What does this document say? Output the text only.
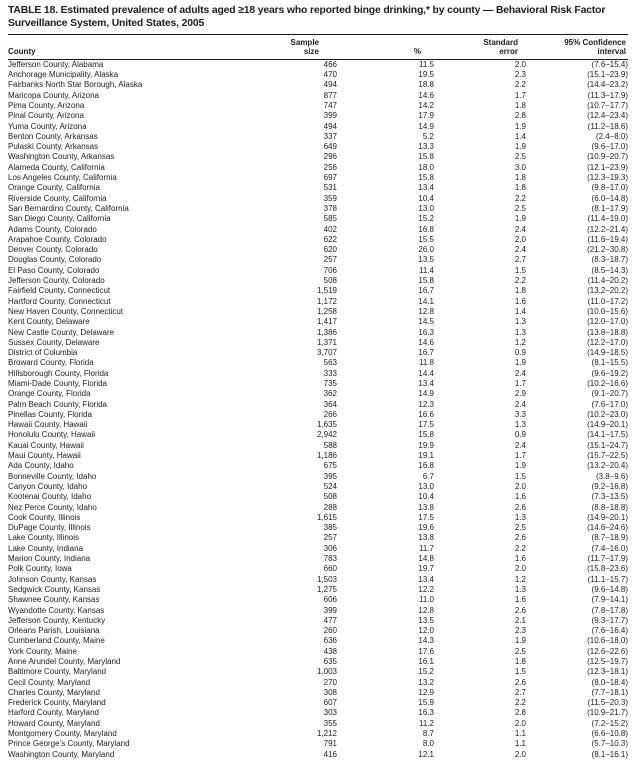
TABLE 18. Estimated prevalence of adults aged ≥18 years who reported binge drinking,* by county — Behavioral Risk Factor
Surveillance System, United States, 2005
County	
Sample
size	%	
Standard
error

95% Confidence
interval

Jefferson County, Alabama	466	11.5	2.0	(7.6–15.4)
Anchorage Municipality, Alaska	470	19.5	2.3	(15.1–23.9)
Fairbanks North Star Borough, Alaska	494	18.8	2.2	(14.4–23.2)
Maricopa County, Arizona	877	14.6	1.7	(11.3–17.9)
Pima County, Arizona	747	14.2	1.8	(10.7–17.7)
Pinal County, Arizona	399	17.9	2.8	(12.4–23.4)
Yuma County, Arizona	494	14.9	1.9	(11.2–18.6)
Benton County, Arkansas	337	5.2	1.4	(2.4–8.0)
Pulaski County, Arkansas	649	13.3	1.9	(9.6–17.0)
Washington County, Arkansas	296	15.8	2.5	(10.9–20.7)
Alameda County, California	256	18.0	3.0	(12.1–23.9)
Los Angeles County, California	697	15.8	1.8	(12.3–19.3)
Orange County, California	531	13.4	1.8	(9.8–17.0)
Riverside County, California	359	10.4	2.2	(6.0–14.8)
San Bernardino County, California	378	13.0	2.5	(8.1–17.9)
San Diego County, California	585	15.2	1.9	(11.4–19.0)
Adams County, Colorado	402	16.8	2.4	(12.2–21.4)
Arapahoe County, Colorado	622	15.5	2.0	(11.6–19.4)
Denver County, Colorado	620	26.0	2.4	(21.2–30.8)
Douglas County, Colorado	257	13.5	2.7	(8.3–18.7)
El Paso County, Colorado	706	11.4	1.5	(8.5–14.3)
Jefferson County, Colorado	508	15.8	2.2	(11.4–20.2)
Fairfield County, Connecticut	1,519	16.7	1.8	(13.2–20.2)
Hartford County, Connecticut	1,172	14.1	1.6	(11.0–17.2)
New Haven County, Connecticut	1,258	12.8	1.4	(10.0–15.6)
Kent County, Delaware	1,417	14.5	1.3	(12.0–17.0)
New Castle County, Delaware	1,386	16.3	1.3	(13.8–18.8)
Sussex County, Delaware	1,371	14.6	1.2	(12.2–17.0)
District of Columbia	3,707	16.7	0.9	(14.9–18.5)
Broward County, Florida	563	11.8	1.9	(8.1–15.5)
Hillsborough County, Florida	333	14.4	2.4	(9.6–19.2)
Miami-Dade County, Florida	735	13.4	1.7	(10.2–16.6)
Orange County, Florida	362	14.9	2.9	(9.1–20.7)
Palm Beach County, Florida	364	12.3	2.4	(7.6–17.0)
Pinellas County, Florida	266	16.6	3.3	(10.2–23.0)
Hawaii County, Hawaii	1,635	17.5	1.3	(14.9–20.1)
Honolulu County, Hawaii	2,942	15.8	0.9	(14.1–17.5)
Kauai County, Hawaii	588	19.9	2.4	(15.1–24.7)
Maui County, Hawaii	1,186	19.1	1.7	(15.7–22.5)
Ada County, Idaho	675	16.8	1.9	(13.2–20.4)
Bonneville County, Idaho	395	6.7	1.5	(3.8–9.6)
Canyon County, Idaho	524	13.0	2.0	(9.2–16.8)
Kootenai County, Idaho	508	10.4	1.6	(7.3–13.5)
Nez Perce County, Idaho	288	13.8	2.6	(8.8–18.8)
Cook County, Illinois	1,615	17.5	1.3	(14.9–20.1)
DuPage County, Illinois	385	19.6	2.5	(14.6–24.6)
Lake County, Illinois	257	13.8	2.6	(8.7–18.9)
Lake County, Indiana	306	11.7	2.2	(7.4–16.0)
Marion County, Indiana	783	14.8	1.6	(11.7–17.9)
Polk County, Iowa	660	19.7	2.0	(15.8–23.6)
Johnson County, Kansas	1,503	13.4	1.2	(11.1–15.7)
Sedgwick County, Kansas	1,275	12.2	1.3	(9.6–14.8)
Shawnee County, Kansas	606	11.0	1.6	(7.9–14.1)
Wyandotte County, Kansas	399	12.8	2.6	(7.8–17.8)
Jefferson County, Kentucky	477	13.5	2.1	(9.3–17.7)
Orleans Parish, Louisiana	260	12.0	2.3	(7.6–16.4)
Cumberland County, Maine	636	14.3	1.9	(10.6–18.0)
York County, Maine	438	17.6	2.5	(12.6–22.6)
Anne Arundel County, Maryland	635	16.1	1.8	(12.5–19.7)
Baltimore County, Maryland	1,003	15.2	1.5	(12.3–18.1)
Cecil County, Maryland	270	13.2	2.6	(8.0–18.4)
Charles County, Maryland	308	12.9	2.7	(7.7–18.1)
Frederick County, Maryland	607	15.9	2.2	(11.5–20.3)
Harford County, Maryland	303	16.3	2.8	(10.9–21.7)
Howard County, Maryland	355	11.2	2.0	(7.2–15.2)
Montgomery County, Maryland	1,212	8.7	1.1	(6.6–10.8)
Prince George’s County, Maryland	791	8.0	1.1	(5.7–10.3)
Washington County, Maryland	416	12.1	2.0	(8.1–16.1)
